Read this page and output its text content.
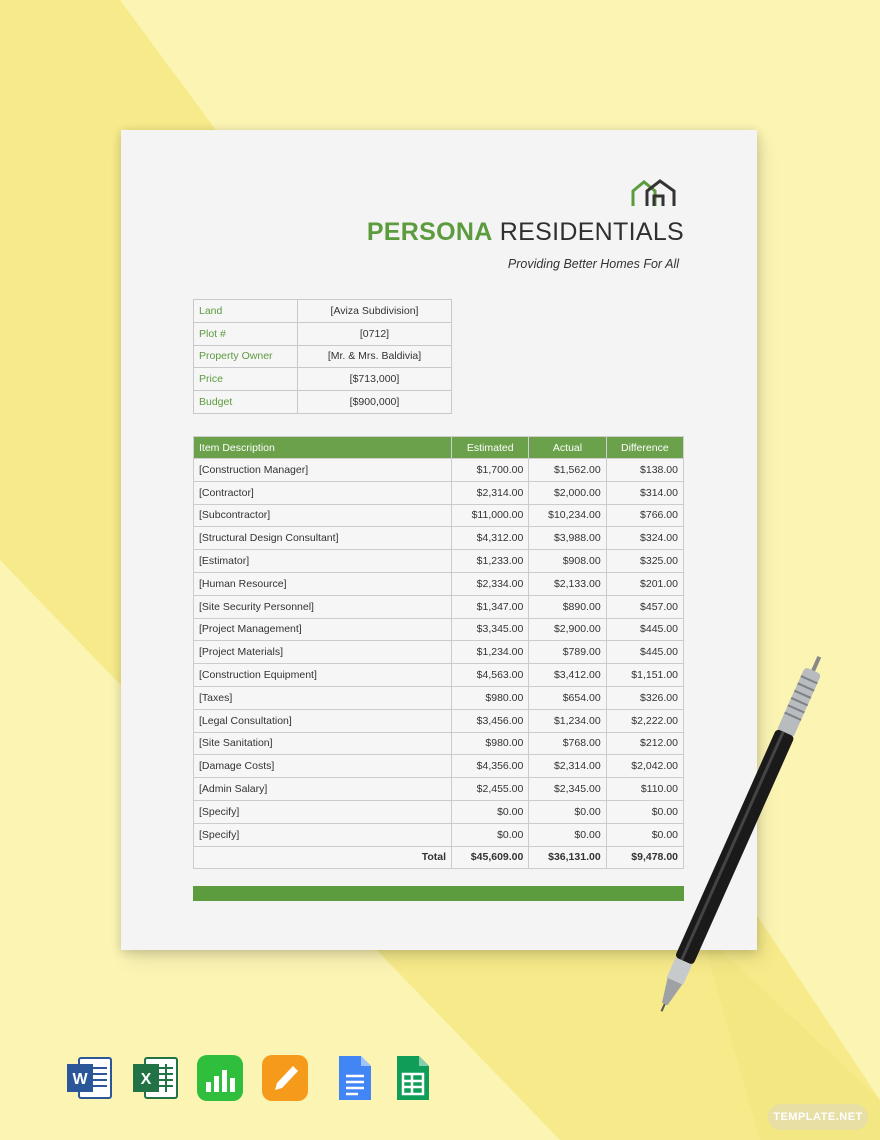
PERSONA RESIDENTIALS
Providing Better Homes For All
Land	[Aviza Subdivision]
Plot #	[0712]
Property Owner	[Mr. & Mrs. Baldivia]
Price	[$713,000]
Budget	[$900,000]
Item Description	Estimated	Actual	Difference
[Construction Manager]	$1,700.00	$1,562.00	$138.00
[Contractor]	$2,314.00	$2,000.00	$314.00
[Subcontractor]	$11,000.00	$10,234.00	$766.00
[Structural Design Consultant]	$4,312.00	$3,988.00	$324.00
[Estimator]	$1,233.00	$908.00	$325.00
[Human Resource]	$2,334.00	$2,133.00	$201.00
[Site Security Personnel]	$1,347.00	$890.00	$457.00
[Project Management]	$3,345.00	$2,900.00	$445.00
[Project Materials]	$1,234.00	$789.00	$445.00
[Construction Equipment]	$4,563.00	$3,412.00	$1,151.00
[Taxes]	$980.00	$654.00	$326.00
[Legal Consultation]	$3,456.00	$1,234.00	$2,222.00
[Site Sanitation]	$980.00	$768.00	$212.00
[Damage Costs]	$4,356.00	$2,314.00	$2,042.00
[Admin Salary]	$2,455.00	$2,345.00	$110.00
[Specify]	$0.00	$0.00	$0.00
[Specify]	$0.00	$0.00	$0.00
Total	$45,609.00	$36,131.00	$9,478.00
W	X
TEMPLATE.NET
